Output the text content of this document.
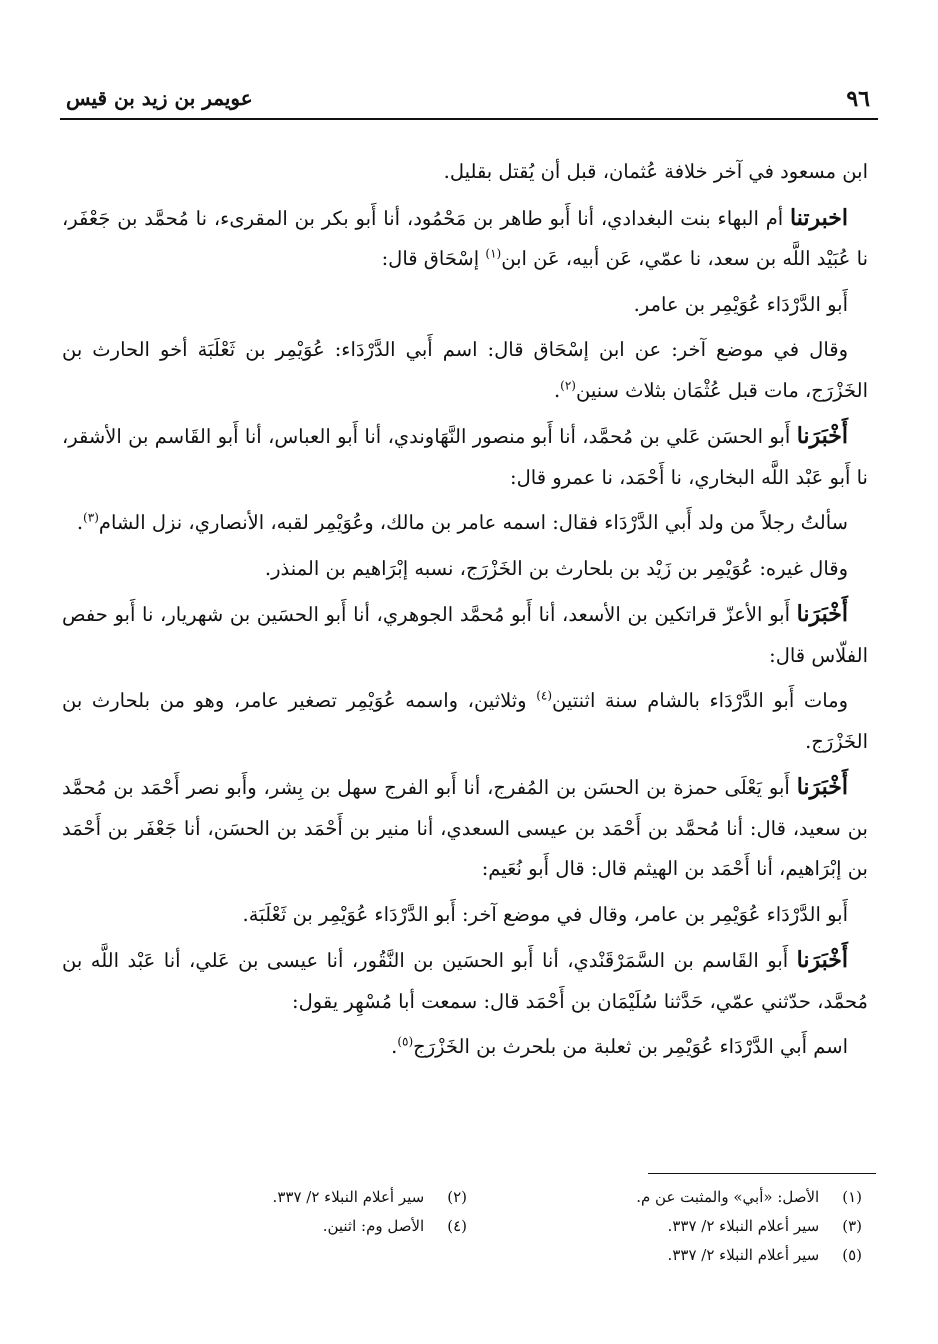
٩٦
عويمر بن زيد بن قيس

ابن مسعود في آخر خلافة عُثمان، قبل أن يُقتل بقليل.

اخبرتنا أم البهاء بنت البغدادي، أنا أَبو طاهر بن مَحْمُود، أنا أَبو بكر بن المقرىء، نا مُحمَّد بن جَعْفَر، نا عُبَيْد اللَّه بن سعد، نا عمّي، عَن أبيه، عَن ابن$^{(١)}$ إسْحَاق قال:

أَبو الدَّرْدَاء عُوَيْمِر بن عامر.

وقال في موضع آخر: عن ابن إسْحَاق قال: اسم أَبي الدَّرْدَاء: عُوَيْمِر بن ثَعْلَبَة أخو الحارث بن الخَزْرَج، مات قبل عُثْمَان بثلاث سنين$^{(٢)}$.

أَخْبَرَنا أَبو الحسَن عَلي بن مُحمَّد، أنا أَبو منصور النَّهَاوندي، أنا أَبو العباس، أنا أَبو القَاسم بن الأشقر، نا أَبو عَبْد اللَّه البخاري، نا أَحْمَد، نا عمرو قال:

سألتُ رجلاً من ولد أَبي الدَّرْدَاء فقال: اسمه عامر بن مالك، وعُوَيْمِر لقبه، الأنصاري، نزل الشام$^{(٣)}$.

وقال غيره: عُوَيْمِر بن زَيْد بن بلحارث بن الخَزْرَج، نسبه إبْرَاهيم بن المنذر.

أَخْبَرَنا أَبو الأعزّ قراتكين بن الأسعد، أنا أَبو مُحمَّد الجوهري، أنا أَبو الحسَين بن شهريار، نا أَبو حفص الفلّاس قال:

ومات أَبو الدَّرْدَاء بالشام سنة اثنتين$^{(٤)}$ وثلاثين، واسمه عُوَيْمِر تصغير عامر، وهو من بلحارث بن الخَزْرَج.

أَخْبَرَنا أَبو يَعْلَى حمزة بن الحسَن بن المُفرج، أنا أَبو الفرج سهل بن بِشر، وأَبو نصر أَحْمَد بن مُحمَّد بن سعيد، قال: أنا مُحمَّد بن أَحْمَد بن عيسى السعدي، أنا منير بن أَحْمَد بن الحسَن، أنا جَعْفَر بن أَحْمَد بن إبْرَاهيم، أنا أَحْمَد بن الهيثم قال: قال أَبو نُعَيم:

أَبو الدَّرْدَاء عُوَيْمِر بن عامر، وقال في موضع آخر: أَبو الدَّرْدَاء عُوَيْمِر بن ثَعْلَبَة.

أَخْبَرَنا أَبو القَاسم بن السَّمَرْقَنْدي، أنا أَبو الحسَين بن النَّقُور، أنا عيسى بن عَلي، أنا عَبْد اللَّه بن مُحمَّد، حدّثني عمّي، حَدَّثنا سُلَيْمَان بن أَحْمَد قال: سمعت أبا مُسْهِر يقول:

اسم أَبي الدَّرْدَاء عُوَيْمِر بن ثعلبة من بلحرث بن الخَزْرَج$^{(٥)}$.

(١) الأصل: «أبي» والمثبت عن م.
(٣) سير أعلام النبلاء ٢/ ٣٣٧.
(٥) سير أعلام النبلاء ٢/ ٣٣٧.
(٢) سير أعلام النبلاء ٢/ ٣٣٧.
(٤) الأصل وم: اثنين.
